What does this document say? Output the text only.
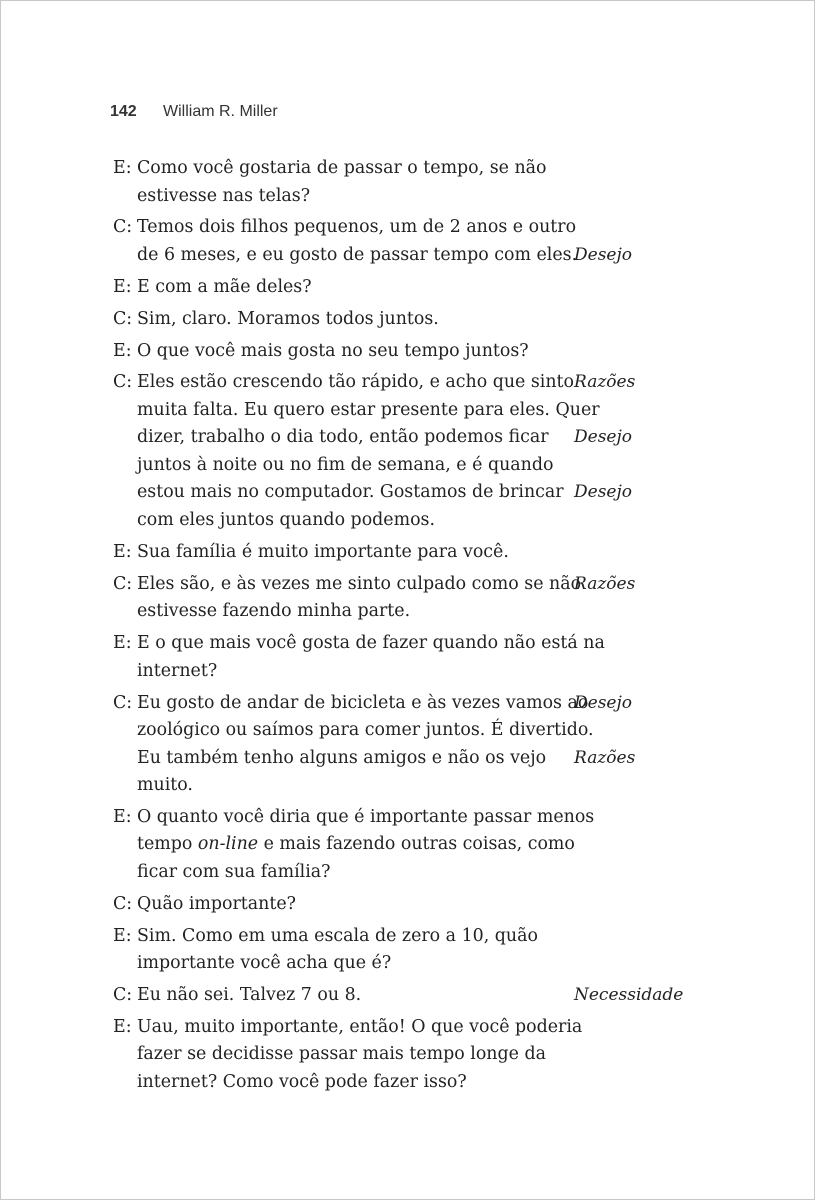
142	William R. Miller
E: Como você gostaria de passar o tempo, se não
estivesse nas telas?
C: Temos dois filhos pequenos, um de 2 anos e outro
de 6 meses, e eu gosto de passar tempo com eles.
Desejo
E: E com a mãe deles?
C: Sim, claro. Moramos todos juntos.
E: O que você mais gosta no seu tempo juntos?
C: Eles estão crescendo tão rápido, e acho que sinto Razões
muita falta. Eu quero estar presente para eles. Quer
dizer, trabalho o dia todo, então podemos ficar Desejo
juntos à noite ou no fim de semana, e é quando
estou mais no computador. Gostamos de brincar Desejo
com eles juntos quando podemos.
E: Sua família é muito importante para você.
C: Eles são, e às vezes me sinto culpado como se não
Razões
estivesse fazendo minha parte.
E: E o que mais você gosta de fazer quando não está na
internet?
C: Eu gosto de andar de bicicleta e às vezes vamos ao
Desejo
zoológico ou saímos para comer juntos. É divertido.
Eu também tenho alguns amigos e não os vejo Razões
muito.
E: O quanto você diria que é importante passar menos
tempo on-line e mais fazendo outras coisas, como
ficar com sua família?
C: Quão importante?
E: Sim. Como em uma escala de zero a 10, quão
importante você acha que é?
C: Eu não sei. Talvez 7 ou 8.	Necessidade
E: Uau, muito importante, então! O que você poderia
fazer se decidisse passar mais tempo longe da
internet? Como você pode fazer isso?
